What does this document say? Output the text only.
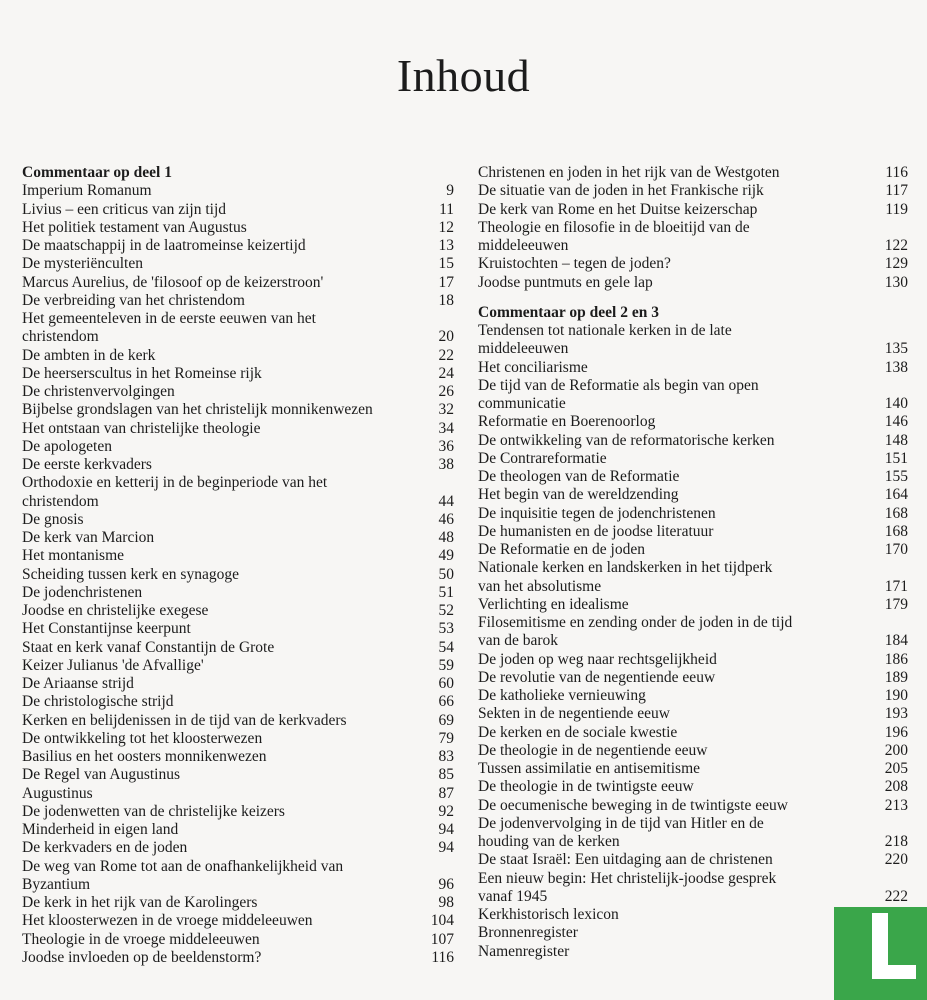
Inhoud
Commentaar op deel 1
Imperium Romanum	9
Livius – een criticus van zijn tijd	11
Het politiek testament van Augustus	12
De maatschappij in de laatromeinse keizertijd	13
De mysteriënculten	15
Marcus Aurelius, de 'filosoof op de keizerstroon'	17
De verbreiding van het christendom	18
Het gemeenteleven in de eerste eeuwen van het
christendom	20
De ambten in de kerk	22
De heerserscultus in het Romeinse rijk	24
De christenvervolgingen	26
Bijbelse grondslagen van het christelijk monnikenwezen	32
Het ontstaan van christelijke theologie	34
De apologeten	36
De eerste kerkvaders	38
Orthodoxie en ketterij in de beginperiode van het
christendom	44
De gnosis	46
De kerk van Marcion	48
Het montanisme	49
Scheiding tussen kerk en synagoge	50
De jodenchristenen	51
Joodse en christelijke exegese	52
Het Constantijnse keerpunt	53
Staat en kerk vanaf Constantijn de Grote	54
Keizer Julianus 'de Afvallige'	59
De Ariaanse strijd	60
De christologische strijd	66
Kerken en belijdenissen in de tijd van de kerkvaders	69
De ontwikkeling tot het kloosterwezen	79
Basilius en het oosters monnikenwezen	83
De Regel van Augustinus	85
Augustinus	87
De jodenwetten van de christelijke keizers	92
Minderheid in eigen land	94
De kerkvaders en de joden	94
De weg van Rome tot aan de onafhankelijkheid van
Byzantium	96
De kerk in het rijk van de Karolingers	98
Het kloosterwezen in de vroege middeleeuwen	104
Theologie in de vroege middeleeuwen	107
Joodse invloeden op de beeldenstorm?	116
Christenen en joden in het rijk van de Westgoten	116
De situatie van de joden in het Frankische rijk	117
De kerk van Rome en het Duitse keizerschap	119
Theologie en filosofie in de bloeitijd van de
middeleeuwen	122
Kruistochten – tegen de joden?	129
Joodse puntmuts en gele lap	130
Commentaar op deel 2 en 3
Tendensen tot nationale kerken in de late
middeleeuwen	135
Het conciliarisme	138
De tijd van de Reformatie als begin van open
communicatie	140
Reformatie en Boerenoorlog	146
De ontwikkeling van de reformatorische kerken	148
De Contrareformatie	151
De theologen van de Reformatie	155
Het begin van de wereldzending	164
De inquisitie tegen de jodenchristenen	168
De humanisten en de joodse literatuur	168
De Reformatie en de joden	170
Nationale kerken en landskerken in het tijdperk
van het absolutisme	171
Verlichting en idealisme	179
Filosemitisme en zending onder de joden in de tijd
van de barok	184
De joden op weg naar rechtsgelijkheid	186
De revolutie van de negentiende eeuw	189
De katholieke vernieuwing	190
Sekten in de negentiende eeuw	193
De kerken en de sociale kwestie	196
De theologie in de negentiende eeuw	200
Tussen assimilatie en antisemitisme	205
De theologie in de twintigste eeuw	208
De oecumenische beweging in de twintigste eeuw	213
De jodenvervolging in de tijd van Hitler en de
houding van de kerken	218
De staat Israël: Een uitdaging aan de christenen	220
Een nieuw begin: Het christelijk-joodse gesprek
vanaf 1945	222
Kerkhistorisch lexicon
Bronnenregister
Namenregister
